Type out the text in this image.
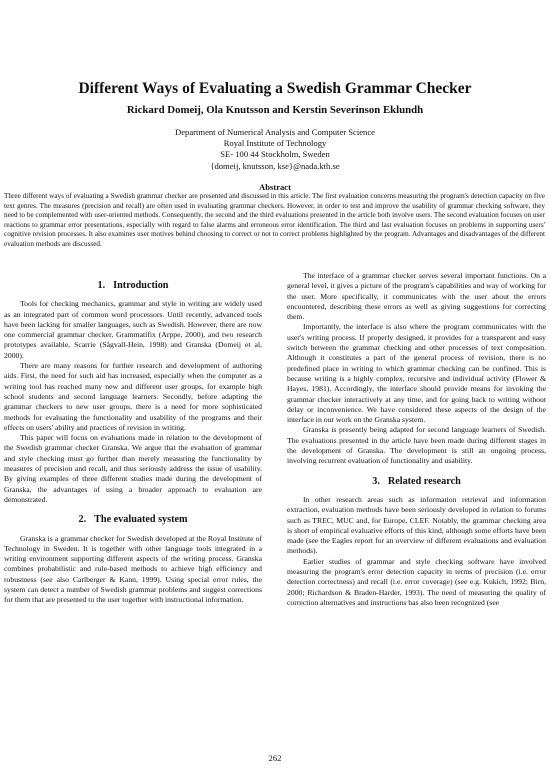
Different Ways of Evaluating a Swedish Grammar Checker
Rickard Domeij, Ola Knutsson and Kerstin Severinson Eklundh
Department of Numerical Analysis and Computer Science
Royal Institute of Technology
SE- 100 44 Stockholm, Sweden
{domeij, knutsson, kse}@nada.kth.se
Abstract
Three different ways of evaluating a Swedish grammar checker are presented and discussed in this article. The first evaluation concerns measuring the program's detection capacity on five text genres. The measures (precision and recall) are often used in evaluating grammar checkers. However, in order to test and improve the usability of grammar checking software, they need to be complemented with user-oriented methods. Consequently, the second and the third evaluations presented in the article both involve users. The second evaluation focuses on user reactions to grammar error presentations, especially with regard to false alarms and erroneous error identification. The third and last evaluation focuses on problems in supporting users' cognitive revision processes. It also examines user motives behind choosing to correct or not to correct problems highlighted by the program. Advantages and disadvantages of the different evaluation methods are discussed.
1. Introduction

Tools for checking mechanics, grammar and style in writing are widely used as an integrated part of common word processors. Until recently, advanced tools have been lacking for smaller languages, such as Swedish. However, there are now one commercial grammar checker, Grammatifix (Arppe, 2000), and two research prototypes available, Scarrie (Sågvall-Hein, 1998) and Granska (Domeij et al, 2000).

There are many reasons for further research and development of authoring aids. First, the need for such aid has increased, especially when the computer as a writing tool has reached many new and different user groups, for example high school students and second language learners. Secondly, before adapting the grammar checkers to new user groups, there is a need for more sophisticated methods for evaluating the functionality and usability of the programs and their effects on users' ability and practices of revision in writing.

This paper will focus on evaluations made in relation to the development of the Swedish grammar checker Granska. We argue that the evaluation of grammar and style checking must go further than merely measuring the functionality by measures of precision and recall, and thus seriously address the issue of usability. By giving examples of three different studies made during the development of Granska, the advantages of using a broader approach to evaluation are demonstrated.

2. The evaluated system

Granska is a grammar checker for Swedish developed at the Royal Institute of Technology in Sweden. It is together with other language tools integrated in a writing environment supporting different aspects of the writing process. Granska combines probabilistic and rule-based methods to achieve high efficiency and robustness (see also Carlberger & Kann, 1999). Using special error rules, the system can detect a number of Swedish grammar problems and suggest corrections for them that are presented to the user together with instructional information.

The interface of a grammar checker serves several important functions. On a general level, it gives a picture of the program's capabilities and way of working for the user. More specifically, it communicates with the user about the errors encountered, describing these errors as well as giving suggestions for correcting them.

Importantly, the interface is also where the program communicates with the user's writing process. If properly designed, it provides for a transparent and easy switch between the grammar checking and other processes of text composition. Although it constitutes a part of the general process of revision, there is no predefined place in writing to which grammar checking can be confined. This is because writing is a highly complex, recursive and individual activity (Flower & Hayes, 1981). Accordingly, the interface should provide means for invoking the grammar checker interactively at any time, and for going back to writing without delay or inconvenience. We have considered these aspects of the design of the interface in our work on the Granska system.

Granska is presently being adapted for second language learners of Swedish. The evaluations presented in the article have been made during different stages in the development of Granska. The development is still an ongoing process, involving recurrent evaluation of functionality and usability.

3. Related research

In other research areas such as information retrieval and information extraction, evaluation methods have been seriously developed in relation to forums such as TREC, MUC and, for Europe, CLEF. Notably, the grammar checking area is short of empirical evaluative efforts of this kind, although some efforts have been made (see the Eagles report for an overview of different evaluations and evaluation methods).

Earlier studies of grammar and style checking software have involved measuring the program's error detection capacity in terms of precision (i.e. error detection correctness) and recall (i.e. error coverage) (see e.g. Kukich, 1992; Birn, 2000; Richardson & Braden-Harder, 1993). The need of measuring the quality of correction alternatives and instructions has also been recognized (see

262
